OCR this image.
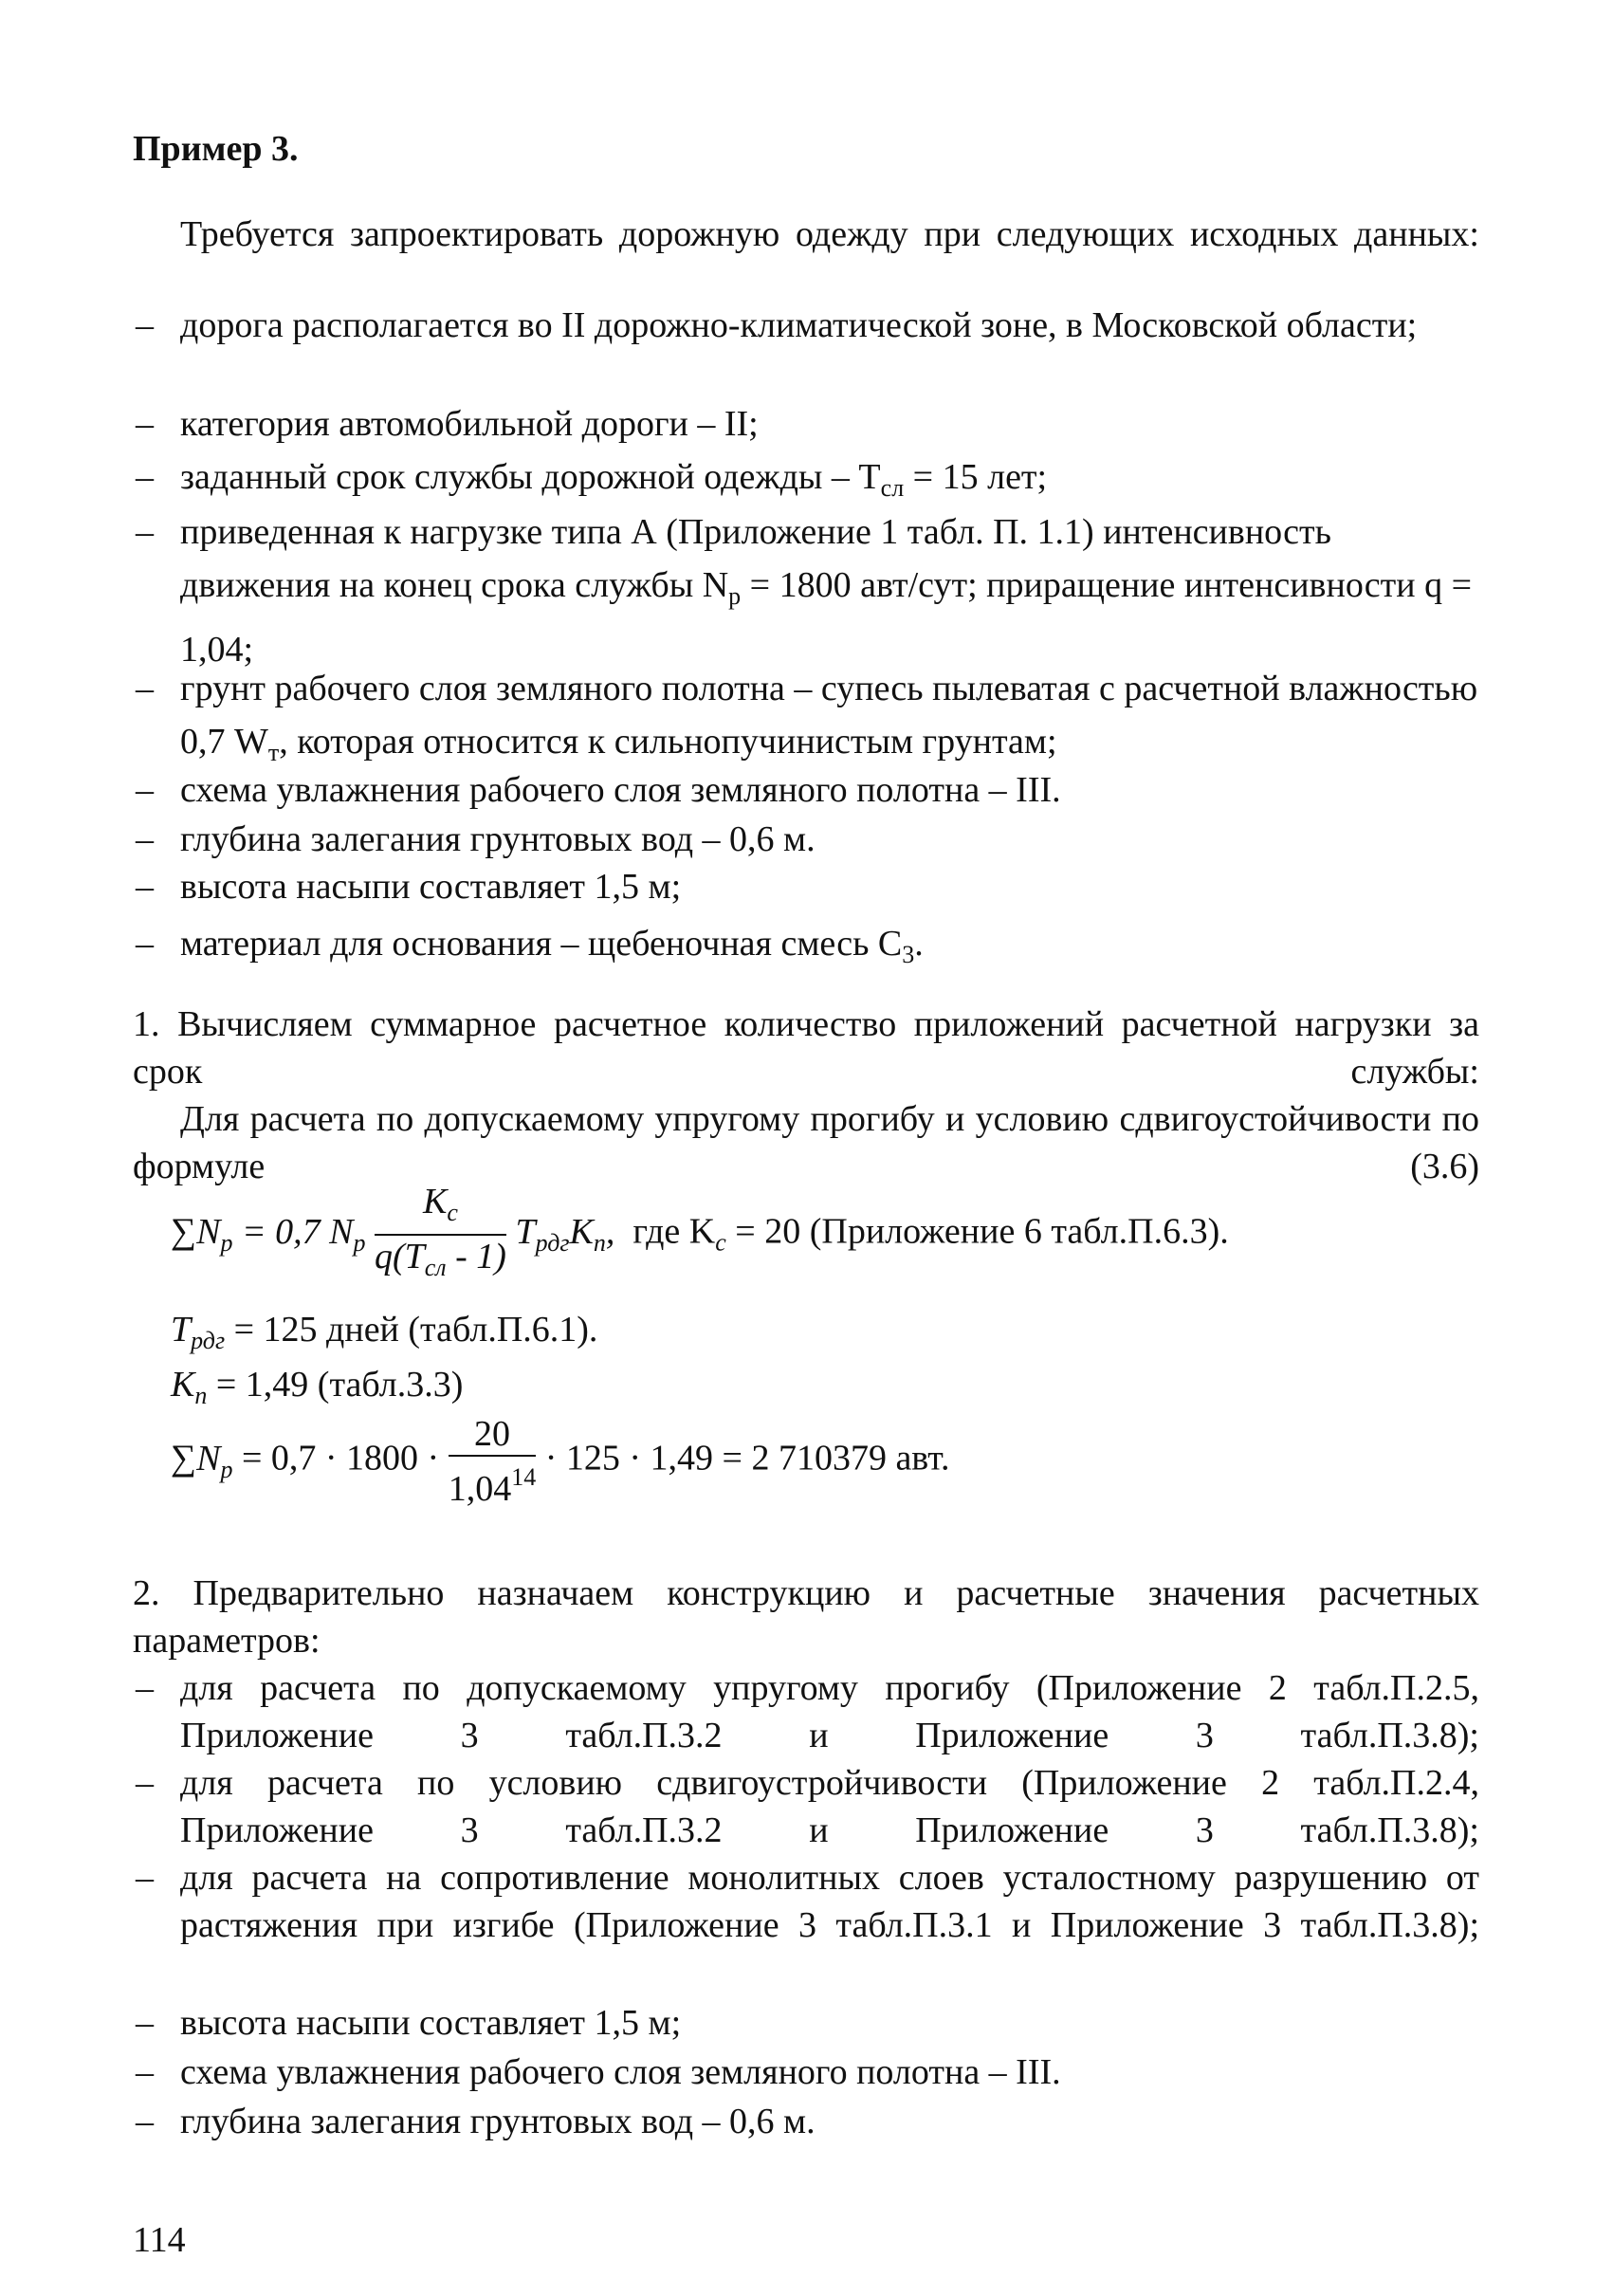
Пример 3.
Требуется запроектировать дорожную одежду при следующих исходных данных:
– дорога располагается во II дорожно-климатической зоне, в Московской области;
– категория автомобильной дороги – II;
– заданный срок службы дорожной одежды – $Т_{сл} = 15$ лет;
– приведенная к нагрузке типа А (Приложение 1 табл. П. 1.1) интенсивность движения на конец срока службы $N_р = 1800$ авт/сут; приращение интенсивности q = 1,04;
– грунт рабочего слоя земляного полотна – супесь пылеватая с расчетной влажностью 0,7 $W_т$, которая относится к сильнопучинистым грунтам;
– схема увлажнения рабочего слоя земляного полотна – III.
– глубина залегания грунтовых вод – 0,6 м.
– высота насыпи составляет 1,5 м;
– материал для основания – щебеночная смесь $С_3$.
1. Вычисляем суммарное расчетное количество приложений расчетной нагрузки за срок службы:
Для расчета по допускаемому упругому прогибу и условию сдвигоустойчивости по формуле (3.6)
$\sum N_p = 0,7$ $N_p \frac{K_c}{q(T_{сл} - 1)} T_{рдг}K_n$, где $K_c = 20$ (Приложение 6 табл.П.6.3).
$T_{рдг} = 125$ дней (табл.П.6.1).
$K_n = 1,49$ (табл.3.3)
$\sum N_p = 0,7 \cdot 1800 \cdot \frac{20}{1,04^{14}} \cdot 125 \cdot 1,49 = 2$ 710379 авт.
2. Предварительно назначаем конструкцию и расчетные значения расчетных параметров:
– для расчета по допускаемому упругому прогибу (Приложение 2 табл.П.2.5, Приложение 3 табл.П.3.2 и Приложение 3 табл.П.3.8);
– для расчета по условию сдвигоустройчивости (Приложение 2 табл.П.2.4, Приложение 3 табл.П.3.2 и Приложение 3 табл.П.3.8);
– для расчета на сопротивление монолитных слоев усталостному разрушению от растяжения при изгибе (Приложение 3 табл.П.3.1 и Приложение 3 табл.П.3.8);
– высота насыпи составляет 1,5 м;
– схема увлажнения рабочего слоя земляного полотна – III.
– глубина залегания грунтовых вод – 0,6 м.
114
